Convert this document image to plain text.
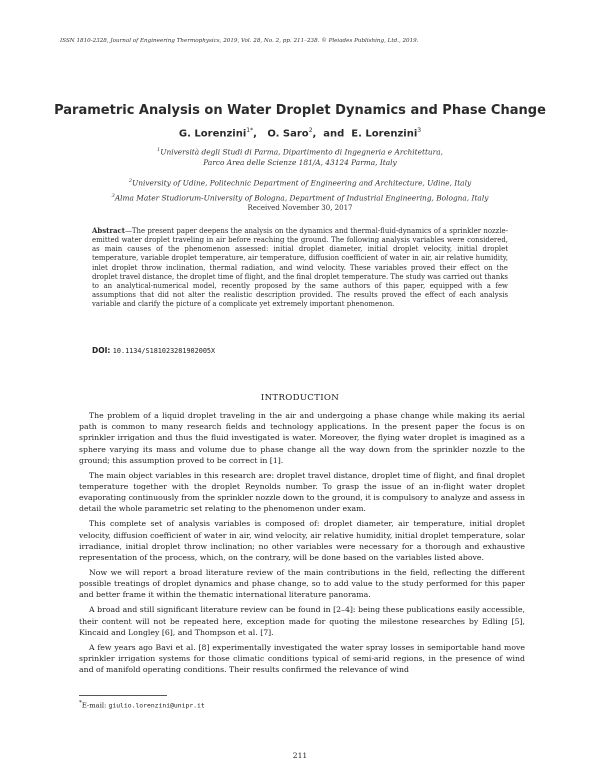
ISSN 1810-2328, Journal of Engineering Thermophysics, 2019, Vol. 28, No. 2, pp. 211–238. © Pleiades Publishing, Ltd., 2019.
Parametric Analysis on Water Droplet Dynamics and Phase Change
G. Lorenzini$^{1*}$,   O. Saro$^2$,  and  E. Lorenzini$^3$
$^1$Università degli Studi di Parma, Dipartimento di Ingegneria e Architettura,
Parco Area delle Scienze 181/A, 43124 Parma, Italy
$^2$University of Udine, Politechnic Department of Engineering and Architecture, Udine, Italy
$^3$Alma Mater Studiorum-University of Bologna, Department of Industrial Engineering, Bologna, Italy
Received November 30, 2017
Abstract—The present paper deepens the analysis on the dynamics and thermal-fluid-dynamics of a sprinkler nozzle-emitted water droplet traveling in air before reaching the ground. The following analysis variables were considered, as main causes of the phenomenon assessed: initial droplet diameter, initial droplet velocity, initial droplet temperature, variable droplet temperature, air temperature, diffusion coefficient of water in air, air relative humidity, inlet droplet throw inclination, thermal radiation, and wind velocity. These variables proved their effect on the droplet travel distance, the droplet time of flight, and the final droplet temperature. The study was carried out thanks to an analytical-numerical model, recently proposed by the same authors of this paper, equipped with a few assumptions that did not alter the realistic description provided. The results proved the effect of each analysis variable and clarify the picture of a complicate yet extremely important phenomenon.
DOI: 10.1134/S181023281902005X
INTRODUCTION

The problem of a liquid droplet traveling in the air and undergoing a phase change while making its aerial path is common to many research fields and technology applications. In the present paper the focus is on sprinkler irrigation and thus the fluid investigated is water. Moreover, the flying water droplet is imagined as a sphere varying its mass and volume due to phase change all the way down from the sprinkler nozzle to the ground; this assumption proved to be correct in [1].

The main object variables in this research are: droplet travel distance, droplet time of flight, and final droplet temperature together with the droplet Reynolds number. To grasp the issue of an in-flight water droplet evaporating continuously from the sprinkler nozzle down to the ground, it is compulsory to analyze and assess in detail the whole parametric set relating to the phenomenon under exam.

This complete set of analysis variables is composed of: droplet diameter, air temperature, initial droplet velocity, diffusion coefficient of water in air, wind velocity, air relative humidity, initial droplet temperature, solar irradiance, initial droplet throw inclination; no other variables were necessary for a thorough and exhaustive representation of the process, which, on the contrary, will be done based on the variables listed above.

Now we will report a broad literature review of the main contributions in the field, reflecting the different possible treatings of droplet dynamics and phase change, so to add value to the study performed for this paper and better frame it within the thematic international literature panorama.

A broad and still significant literature review can be found in [2–4]: being these publications easily accessible, their content will not be repeated here, exception made for quoting the milestone researches by Edling [5], Kincaid and Longley [6], and Thompson et al. [7].

A few years ago Bavi et al. [8] experimentally investigated the water spray losses in semiportable hand move sprinkler irrigation systems for those climatic conditions typical of semi-arid regions, in the presence of wind and of manifold operating conditions. Their results confirmed the relevance of wind

*E-mail: giulio.lorenzini@unipr.it
211
